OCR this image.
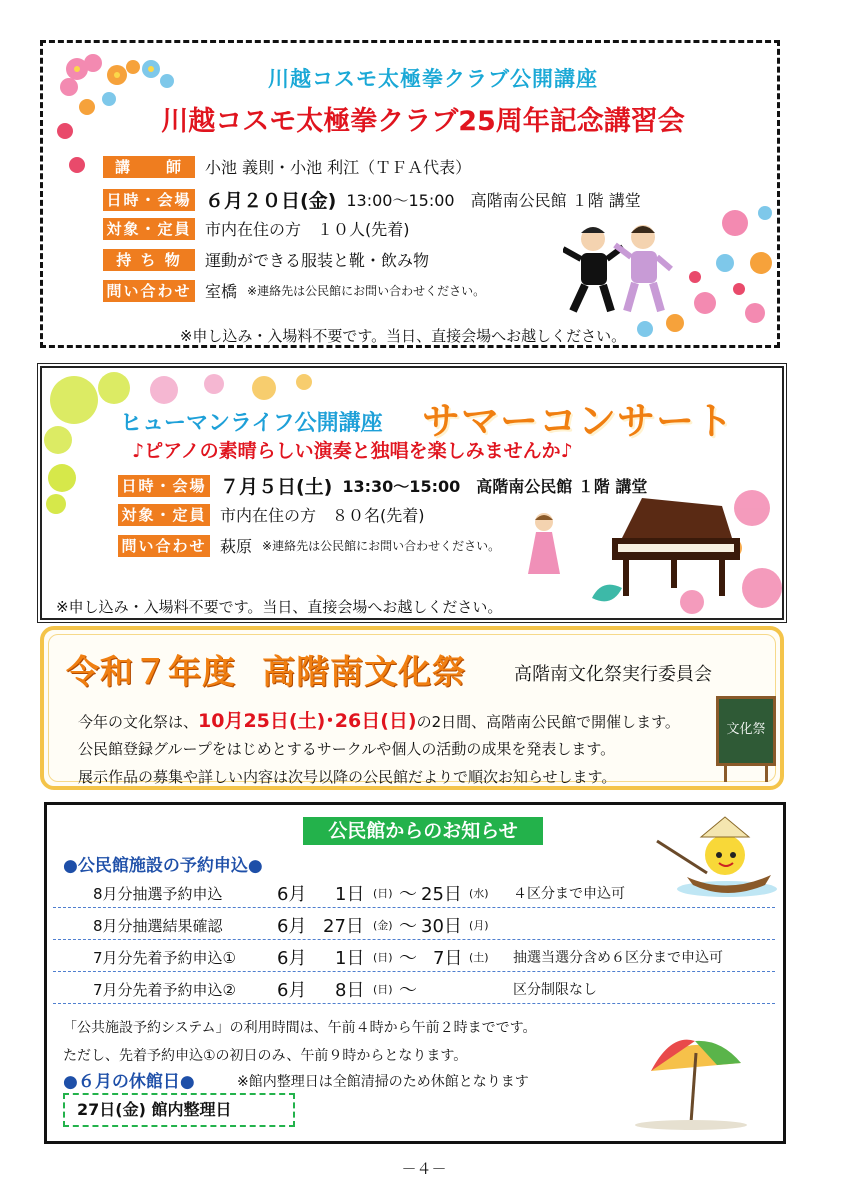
川越コスモ太極拳クラブ公開講座
川越コスモ太極拳クラブ25周年記念講習会
講　　師	小池 義則・小池 利江（ＴＦＡ代表）
日時・会場 ６月２０日(金) 13:00～15:00　高階南公民館 １階 講堂
対象・定員 市内在住の方　１０人(先着)
持 ち 物	運動ができる服装と靴・飲み物
問い合わせ 室橋 ※連絡先は公民館にお問い合わせください。
※申し込み・入場料不要です。当日、直接会場へお越しください。
ヒューマンライフ公開講座 サマーコンサート
♪ピアノの素晴らしい演奏と独唱を楽しみませんか♪
日時・会場 ７月５日(土) 13:30～15:00　高階南公民館 １階 講堂
対象・定員 市内在住の方　８０名(先着)
問い合わせ 萩原 ※連絡先は公民館にお問い合わせください。
※申し込み・入場料不要です。当日、直接会場へお越しください。
令和７年度 高階南文化祭	高階南文化祭実行委員会
今年の文化祭は、10月25日(土)･26日(日)の2日間、高階南公民館で開催します。
公民館登録グループをはじめとするサークルや個人の活動の成果を発表します。
展示作品の募集や詳しい内容は次号以降の公民館だよりで順次お知らせします。
文化祭
公民館からのお知らせ
●公民館施設の予約申込●
8月分抽選予約申込	6月 1日 (日) ～ 25日 (水) ４区分まで申込可
8月分抽選結果確認	6月 27日 (金) ～ 30日 (月)
7月分先着予約申込① 6月 1日 (日) ～ 7日 (土) 抽選当選分含め６区分まで申込可
7月分先着予約申込② 6月 8日 (日) ～	区分制限なし
「公共施設予約システム」の利用時間は、午前４時から午前２時までです。
ただし、先着予約申込①の初日のみ、午前９時からとなります。
●６月の休館日●	※館内整理日は全館清掃のため休館となります
27日(金) 館内整理日
－４－
